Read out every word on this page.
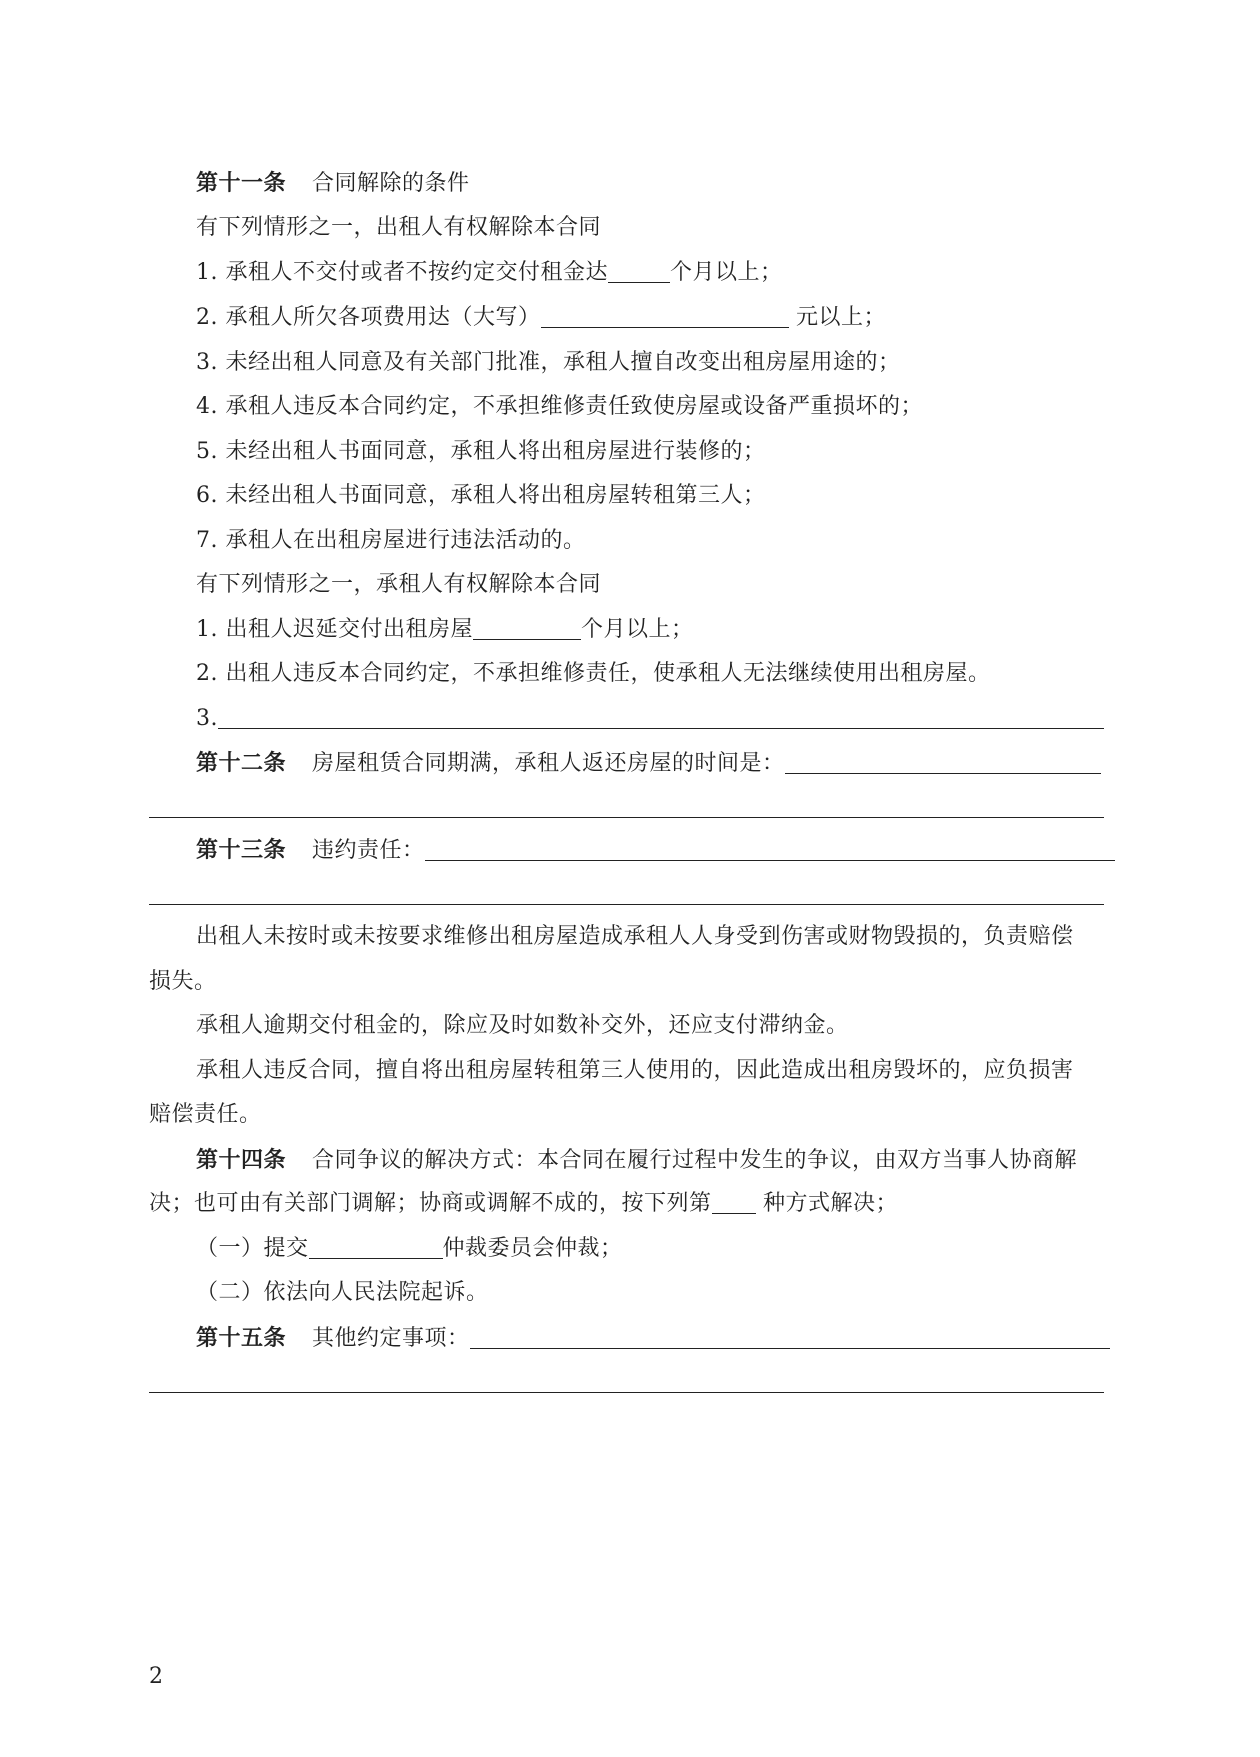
第十一条 合同解除的条件
有下列情形之一，出租人有权解除本合同
1. 承租人不交付或者不按约定交付租金达	个月以上；
2. 承租人所欠各项费用达（大写）	元以上；
3. 未经出租人同意及有关部门批准，承租人擅自改变出租房屋用途的；
4. 承租人违反本合同约定，不承担维修责任致使房屋或设备严重损坏的；
5. 未经出租人书面同意，承租人将出租房屋进行装修的；
6. 未经出租人书面同意，承租人将出租房屋转租第三人；
7. 承租人在出租房屋进行违法活动的。
有下列情形之一，承租人有权解除本合同
1. 出租人迟延交付出租房屋	个月以上；
2. 出租人违反本合同约定，不承担维修责任，使承租人无法继续使用出租房屋。
3.
第十二条 房屋租赁合同期满，承租人返还房屋的时间是：
第十三条 违约责任：
出租人未按时或未按要求维修出租房屋造成承租人人身受到伤害或财物毁损的，负责赔偿
损失。
承租人逾期交付租金的，除应及时如数补交外，还应支付滞纳金。
承租人违反合同，擅自将出租房屋转租第三人使用的，因此造成出租房毁坏的，应负损害
赔偿责任。
第十四条 合同争议的解决方式：本合同在履行过程中发生的争议，由双方当事人协商解
决；也可由有关部门调解；协商或调解不成的，按下列第 种方式解决；
（一）提交	仲裁委员会仲裁；
（二）依法向人民法院起诉。
第十五条 其他约定事项：
2
